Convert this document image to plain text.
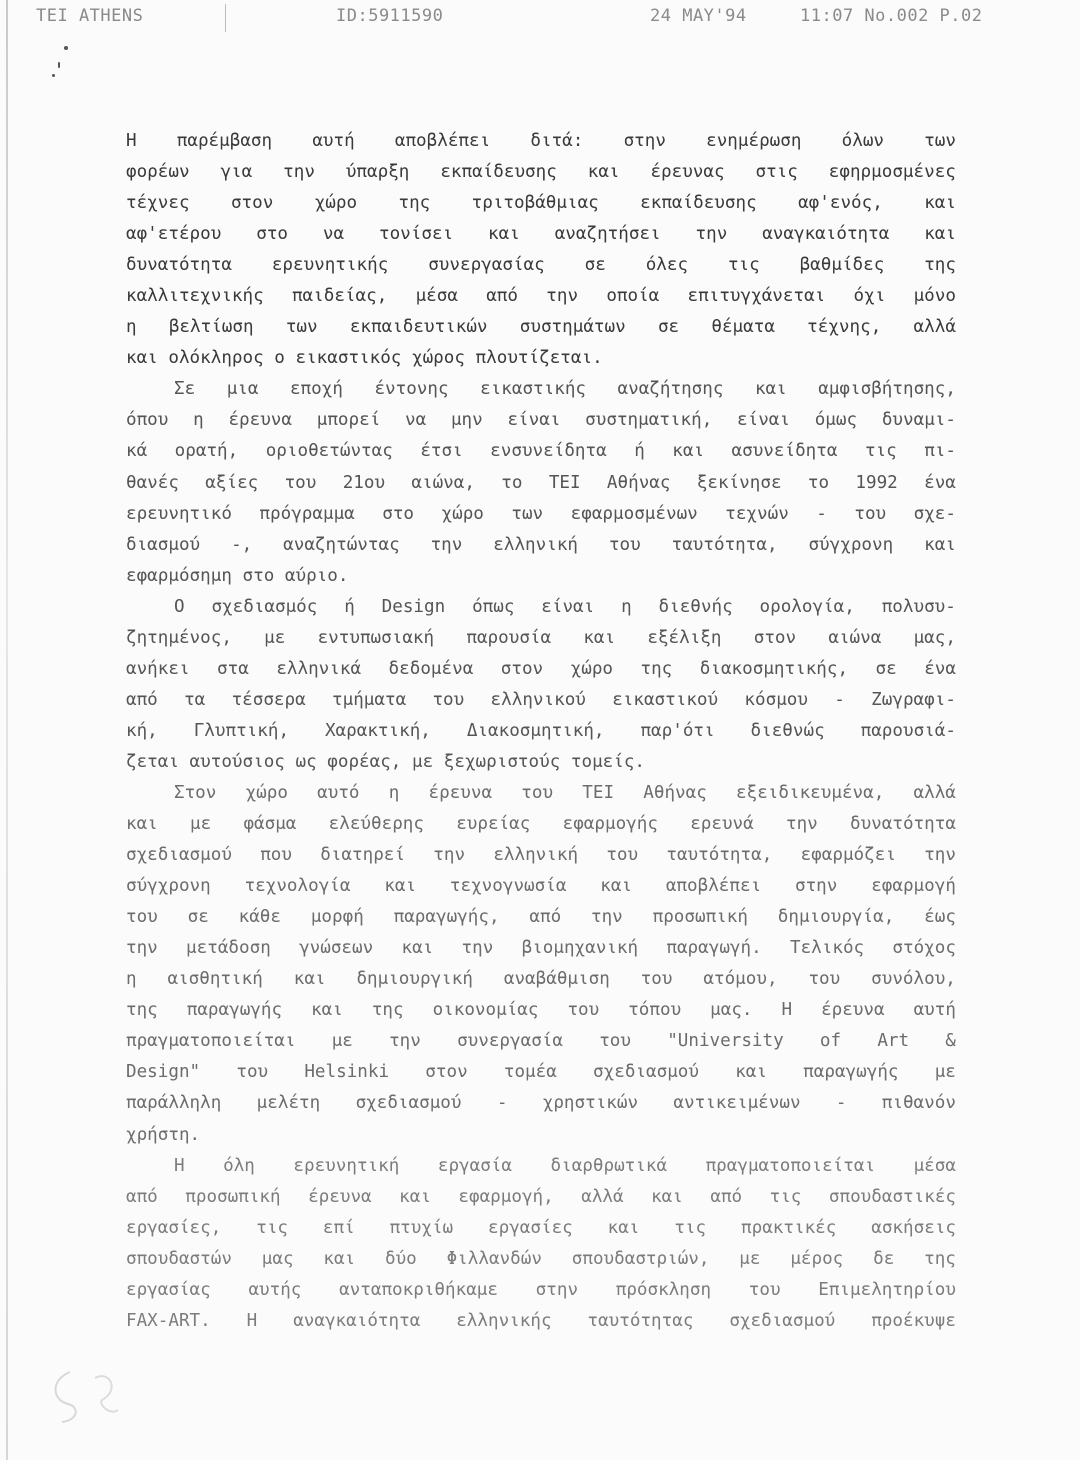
TEI ATHENS	ID:5911590	24 MAY'94	11:07 No.002 P.02
Η παρέμβαση αυτή αποβλέπει διτά: στην ενημέρωση όλων των
φορέων για την ύπαρξη εκπαίδευσης και έρευνας στις εφηρμοσμένες
τέχνες στον χώρο της τριτοβάθμιας εκπαίδευσης αφ'ενός, και
αφ'ετέρου στο να τονίσει και αναζητήσει την αναγκαιότητα και
δυνατότητα ερευνητικής συνεργασίας σε όλες τις βαθμίδες της
καλλιτεχνικής παιδείας, μέσα από την οποία επιτυγχάνεται όχι μόνο
η βελτίωση των εκπαιδευτικών συστημάτων σε θέματα τέχνης, αλλά
και ολόκληρος ο εικαστικός χώρος πλουτίζεται.
Σε μια εποχή έντονης εικαστικής αναζήτησης και αμφισβήτησης,
όπου η έρευνα μπορεί να μην είναι συστηματική, είναι όμως δυναμι-
κά ορατή, οριοθετώντας έτσι ενσυνείδητα ή και ασυνείδητα τις πι-
θανές αξίες του 21ου αιώνα, το ΤΕΙ Αθήνας ξεκίνησε το 1992 ένα
ερευνητικό πρόγραμμα στο χώρο των εφαρμοσμένων τεχνών - του σχε-
διασμού -, αναζητώντας την ελληνική του ταυτότητα, σύγχρονη και
εφαρμόσημη στο αύριο.
Ο σχεδιασμός ή Design όπως είναι η διεθνής ορολογία, πολυσυ-
ζητημένος, με εντυπωσιακή παρουσία και εξέλιξη στον αιώνα μας,
ανήκει στα ελληνικά δεδομένα στον χώρο της διακοσμητικής, σε ένα
από τα τέσσερα τμήματα του ελληνικού εικαστικού κόσμου - Ζωγραφι-
κή, Γλυπτική, Χαρακτική, Διακοσμητική, παρ'ότι διεθνώς παρουσιά-
ζεται αυτούσιος ως φορέας, με ξεχωριστούς τομείς.
Στον χώρο αυτό η έρευνα του ΤΕΙ Αθήνας εξειδικευμένα, αλλά
και με φάσμα ελεύθερης ευρείας εφαρμογής ερευνά την δυνατότητα
σχεδιασμού που διατηρεί την ελληνική του ταυτότητα, εφαρμόζει την
σύγχρονη τεχνολογία και τεχνογνωσία και αποβλέπει στην εφαρμογή
του σε κάθε μορφή παραγωγής, από την προσωπική δημιουργία, έως
την μετάδοση γνώσεων και την βιομηχανική παραγωγή. Τελικός στόχος
η αισθητική και δημιουργική αναβάθμιση του ατόμου, του συνόλου,
της παραγωγής και της οικονομίας του τόπου μας. Η έρευνα αυτή
πραγματοποιείται με την συνεργασία του "University of Art &
Design" του Helsinki στον τομέα σχεδιασμού και παραγωγής με
παράλληλη μελέτη σχεδιασμού - χρηστικών αντικειμένων - πιθανόν
χρήστη.
Η όλη ερευνητική εργασία διαρθρωτικά πραγματοποιείται μέσα
από προσωπική έρευνα και εφαρμογή, αλλά και από τις σπουδαστικές
εργασίες, τις επί πτυχίω εργασίες και τις πρακτικές ασκήσεις
σπουδαστών μας και δύο Φιλλανδών σπουδαστριών, με μέρος δε της
εργασίας αυτής ανταποκριθήκαμε στην πρόσκληση του Επιμελητηρίου
FAX-ART. Η αναγκαιότητα ελληνικής ταυτότητας σχεδιασμού προέκυψε
